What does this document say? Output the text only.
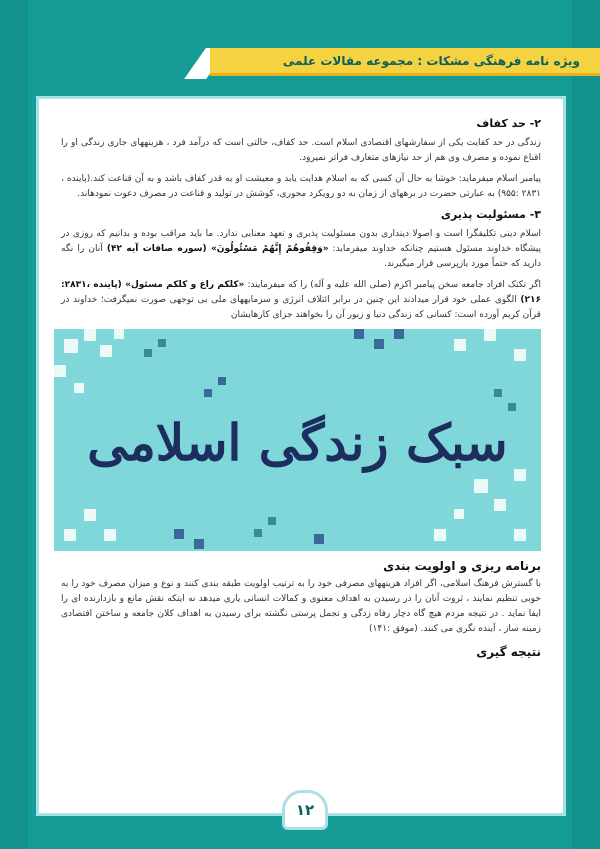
ویژه نامه فرهنگی مشکات : مجموعه مقالات علمی
۲- حد کفاف

زندگی در حد کفایت یکی از سفارشهای اقتصادی اسلام است. حد کفاف، حالتی است که درآمد فرد ، هزینههای جاری زندگی او را اقناع نموده و مصرف وی هم از حد نیازهای متعارف فراتر نمیرود.

پیامبر اسلام میفرماید: خوشا به حال آن کسی که به اسلام هدایت یابد و معیشت او به قدر کفاف باشد و به آن قناعت کند.(پاینده ، ۲۸۳۱ :۹۵۵) به عبارتی حضرت در برههای از زمان به دو رویکرد محوری، کوشش در تولید و قناعت در مصرف دعوت نمودهاند.

۳- مسئولیت پذیری

اسلام دینی تکلیفگرا است و اصولا دینداری بدون مسئولیت پذیری و تعهد معنایی ندارد. ما باید مراقب بوده و بدانیم که روزی در پیشگاه خداوند مسئول هستیم چنانکه خداوند میفرماید: «وَقِفُوهُمْ إِنَّهُمْ مَسْئُولُونَ» (سوره صافات آیه ۴۲) آنان را نگه دارید که حتماً مورد بازپرسی قرار میگیرند.

اگر تکتک افراد جامعه سخن پیامبر اکرم (صلی الله علیه و آله) را که میفرمایند: «کلکم راع و کلکم مسئول» (پاینده ،۲۸۳۱: ۲۱۶) الگوی عملی خود قرار میدادند این چنین در برابر ائتلاف انرژی و سرمایههای ملی بی توجهی صورت نمیگرفت؛ خداوند در قرآن کریم آورده است: کسانی که زندگی دنیا و زیور آن را بخواهند جزای کارهایشان

سبک زندگی اسلامی
برنامه ریزی و اولویت بندی

با گسترش فرهنگ اسلامی، اگر افراد هزینههای مصرفی خود را به ترتیب اولویت طبقه بندی کنند و نوع و میزان مصرف خود را به خوبی تنظیم نمایند ، ثروت آنان را در رسیدن به اهداف معنوی و کمالات انسانی یاری میدهد نه اینکه نقش مانع و بازدارنده ای را ایفا نماید . در نتیجه مردم هیچ گاه دچار رفاه زدگی و تجمل پرستی نگشته برای رسیدن به اهداف کلان جامعه و ساختن اقتصادی زمینه ساز ، آینده نگری می کنند. (موفق :۱۴۱)

نتیجه گیری
۱۲
